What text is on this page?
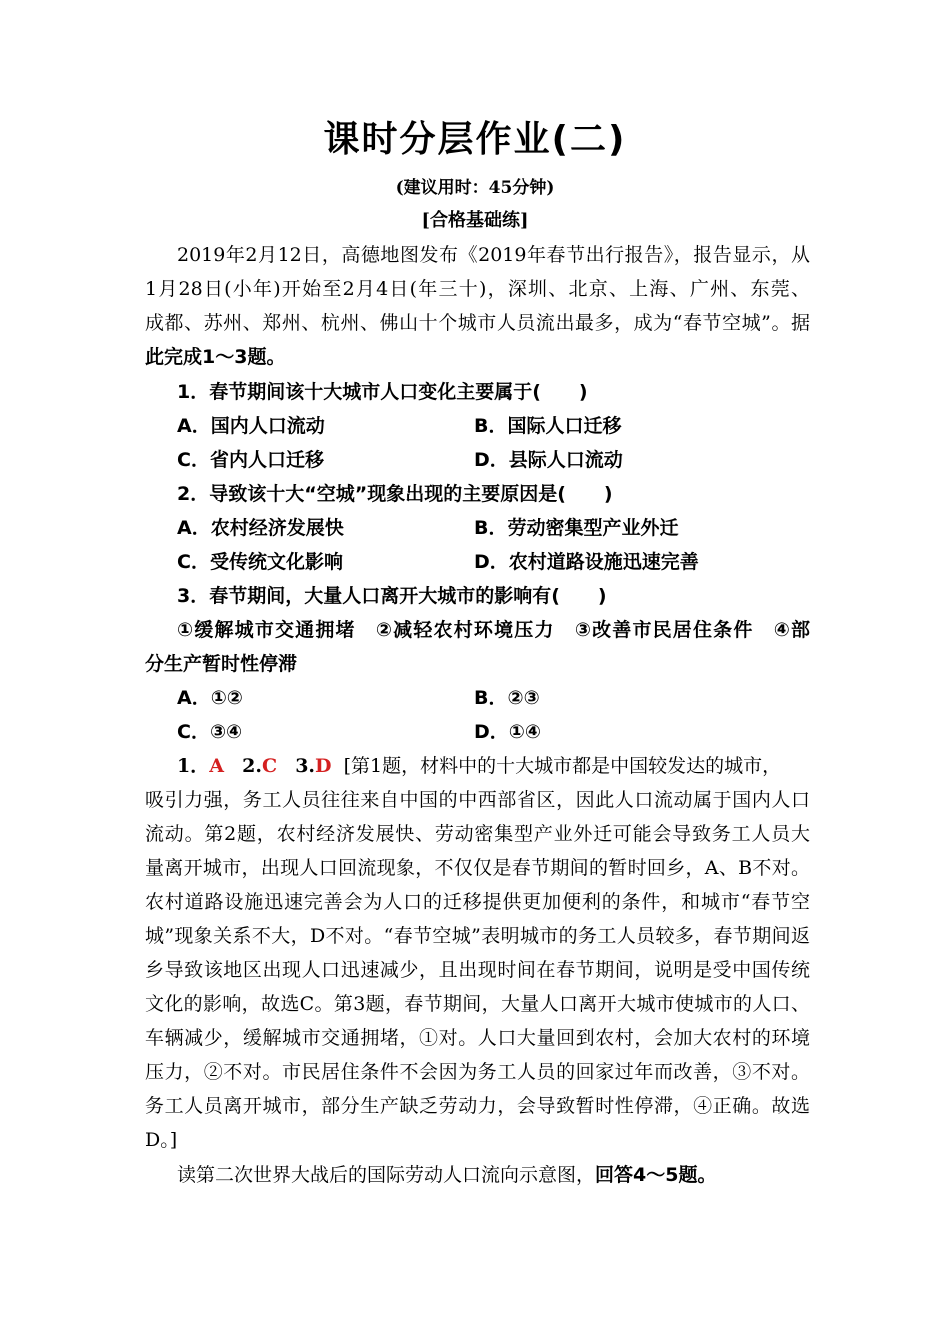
课时分层作业(二)
(建议用时：45分钟)
[合格基础练]
2019年2月12日，高德地图发布《2019年春节出行报告》，报告显示，从
1月28日(小年)开始至2月4日(年三十)，深圳、北京、上海、广州、东莞、
成都、苏州、郑州、杭州、佛山十个城市人员流出最多，成为“春节空城”。据
此完成1～3题。
1．春节期间该十大城市人口变化主要属于(　　)
A．国内人口流动	B．国际人口迁移
C．省内人口迁移	D．县际人口流动
2．导致该十大“空城”现象出现的主要原因是(　　)
A．农村经济发展快	B．劳动密集型产业外迁
C．受传统文化影响	D．农村道路设施迅速完善
3．春节期间，大量人口离开大城市的影响有(　　)
①缓解城市交通拥堵　②减轻农村环境压力　③改善市民居住条件　④部
分生产暂时性停滞
A．①②	B．②③
C．③④	D．①④
1．A 2.C 3.D [第1题，材料中的十大城市都是中国较发达的城市，
吸引力强，务工人员往往来自中国的中西部省区，因此人口流动属于国内人口
流动。第2题，农村经济发展快、劳动密集型产业外迁可能会导致务工人员大
量离开城市，出现人口回流现象，不仅仅是春节期间的暂时回乡，A、B不对。
农村道路设施迅速完善会为人口的迁移提供更加便利的条件，和城市“春节空
城”现象关系不大，D不对。“春节空城”表明城市的务工人员较多，春节期间返
乡导致该地区出现人口迅速减少，且出现时间在春节期间，说明是受中国传统
文化的影响，故选C。第3题，春节期间，大量人口离开大城市使城市的人口、
车辆减少，缓解城市交通拥堵，①对。人口大量回到农村，会加大农村的环境
压力，②不对。市民居住条件不会因为务工人员的回家过年而改善，③不对。
务工人员离开城市，部分生产缺乏劳动力，会导致暂时性停滞，④正确。故选
D。]
读第二次世界大战后的国际劳动人口流向示意图，回答4～5题。
